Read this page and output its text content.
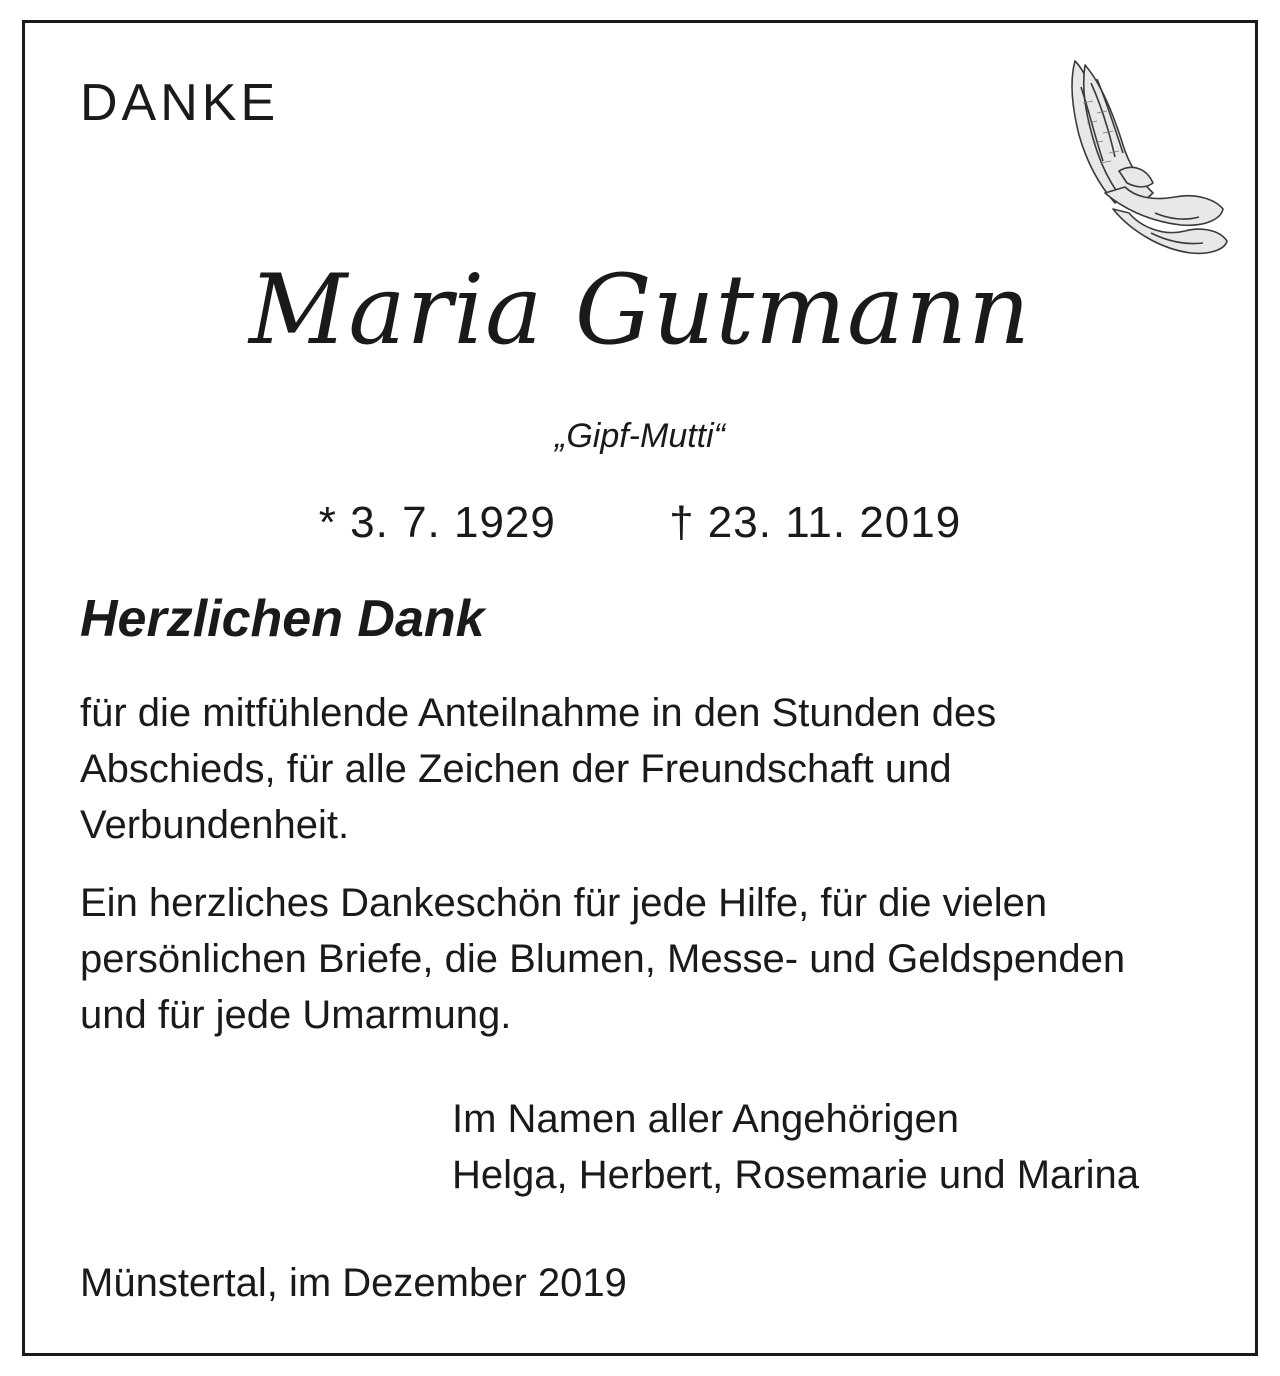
DANKE
Maria Gutmann
„Gipf-Mutti“
* 3. 7. 1929	† 23. 11. 2019
Herzlichen Dank
für die mitfühlende Anteilnahme in den Stunden des
Abschieds, für alle Zeichen der Freundschaft und
Verbundenheit.
Ein herzliches Dankeschön für jede Hilfe, für die vielen
persönlichen Briefe, die Blumen, Messe- und Geldspenden
und für jede Umarmung.
Im Namen aller Angehörigen
Helga, Herbert, Rosemarie und Marina
Münstertal, im Dezember 2019
